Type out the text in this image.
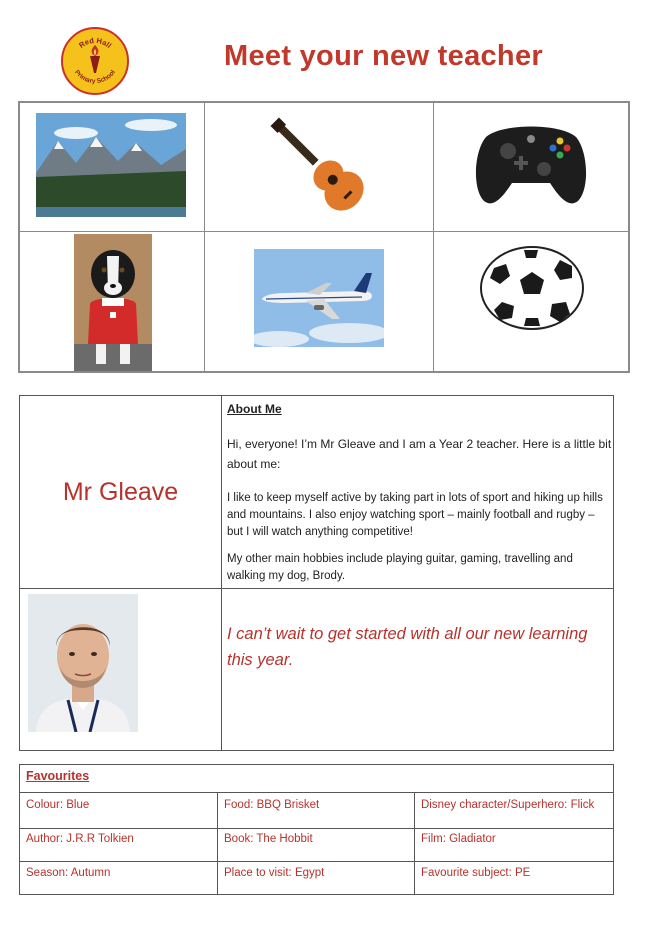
Red Hall
Primary School	Meet your new teacher
Mr Gleave
About Me

Hi, everyone! I’m Mr Gleave and I am a Year 2 teacher. Here is a little bit about me:

I like to keep myself active by taking part in lots of sport and hiking up hills and mountains. I also enjoy watching sport – mainly football and rugby – but I will watch anything competitive!

My other main hobbies include playing guitar, gaming, travelling and walking my dog, Brody.

I can’t wait to get started with all our new learning this year.
Favourites
Colour: Blue	Food: BBQ Brisket	Disney character/Superhero: Flick
Author: J.R.R Tolkien	Book: The Hobbit	Film: Gladiator
Season: Autumn	Place to visit: Egypt	Favourite subject: PE
